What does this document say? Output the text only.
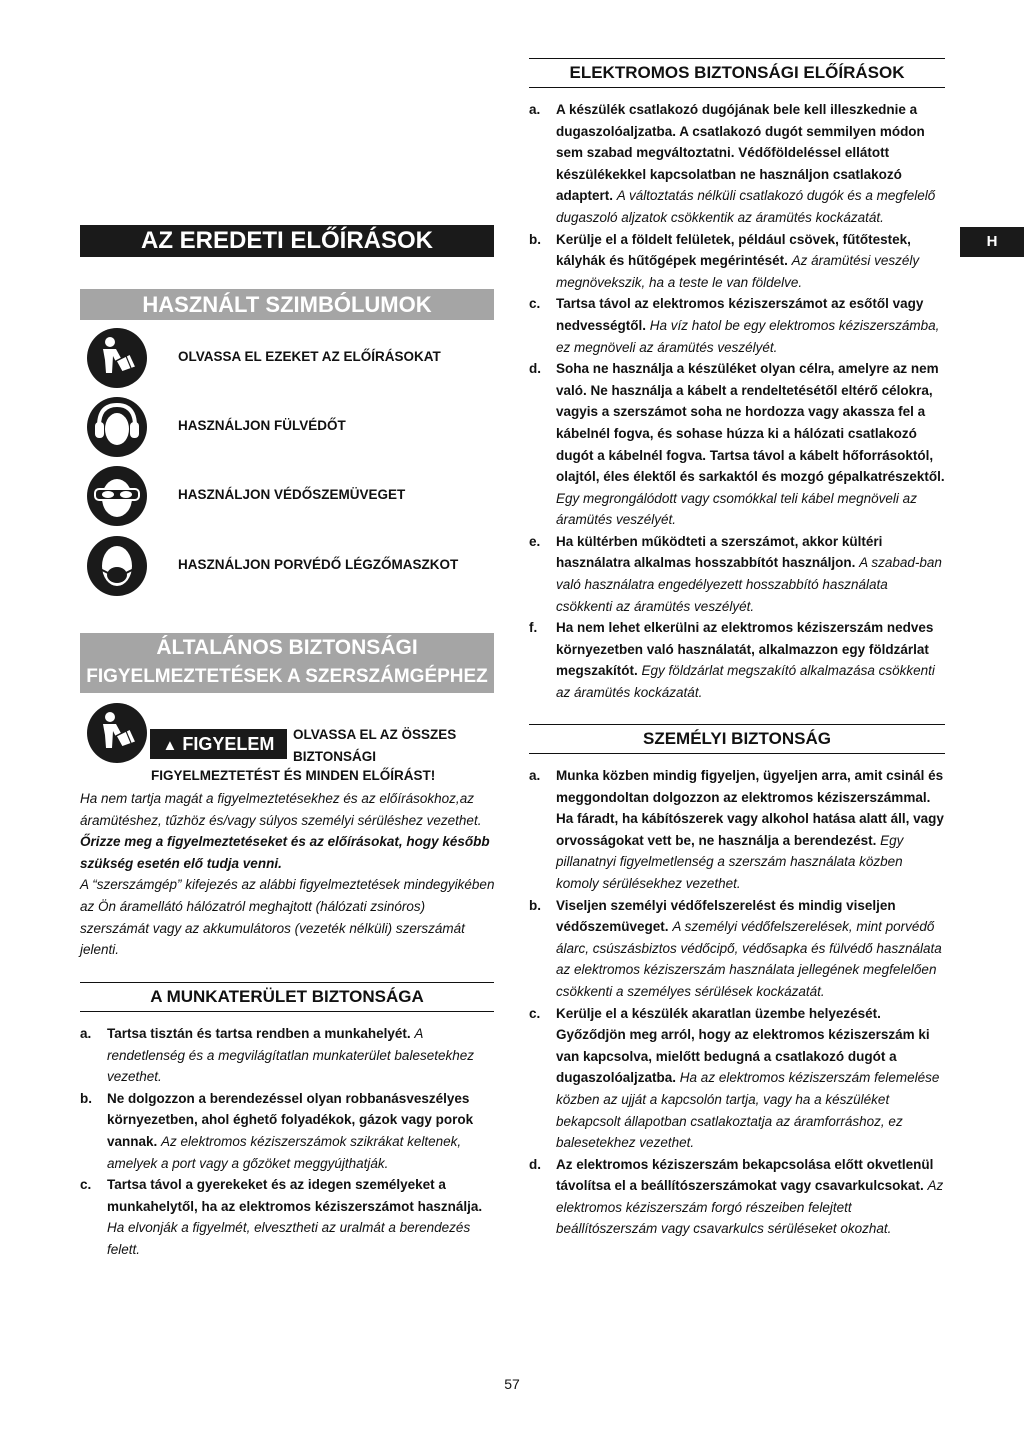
AZ EREDETI ELŐÍRÁSOK FORDÍTÁSA
HASZNÁLT SZIMBÓLUMOK
OLVASSA EL EZEKET AZ ELŐÍRÁSOKAT
HASZNÁLJON FÜLVÉDŐT
HASZNÁLJON VÉDŐSZEMÜVEGET
HASZNÁLJON PORVÉDŐ LÉGZŐMASZKOT
ÁLTALÁNOS BIZTONSÁGI
FIGYELMEZTETÉSEK A SZERSZÁMGÉPHEZ
▲ FIGYELEM	OLVASSA EL AZ ÖSSZES
BIZTONSÁGI
FIGYELMEZTETÉST ÉS MINDEN ELŐÍRÁST!

Ha nem tartja magát a figyelmeztetésekhez és az előírásokhoz,az áramütéshez, tűzhöz és/vagy súlyos személyi sérüléshez vezethet.

Őrizze meg a figyelmeztetéseket és az előírásokat, hogy később szükség esetén elő tudja venni.

A “szerszámgép” kifejezés az alábbi figyelmeztetések mindegyikében az Ön áramellátó hálózatról meghajtott (hálózati zsinóros) szerszámát vagy az akkumulátoros (vezeték nélküli) szerszámát jelenti.

A MUNKATERÜLET BIZTONSÁGA

a. Tartsa tisztán és tartsa rendben a munkahelyét. A rendetlenség és a megvilágítatlan munkaterület balesetekhez vezethet.

b. Ne dolgozzon a berendezéssel olyan robbanásveszélyes környezetben, ahol éghető folyadékok, gázok vagy porok vannak. Az elektromos kéziszerszámok szikrákat keltenek, amelyek a port vagy a gőzöket meggyújthatják.

c. Tartsa távol a gyerekeket és az idegen személyeket a munkahelytől, ha az elektromos kéziszerszámot használja. Ha elvonják a figyelmét, elvesztheti az uralmát a berendezés felett.

ELEKTROMOS BIZTONSÁGI ELŐÍRÁSOK

a. A készülék csatlakozó dugójának bele kell illeszkednie a dugaszolóaljzatba. A csatlakozó dugót semmilyen módon sem szabad megváltoztatni. Védőföldeléssel ellátott készülékekkel kapcsolatban ne használjon csatlakozó adaptert. A változtatás nélküli csatlakozó dugók és a megfelelő dugaszoló aljzatok csökkentik az áramütés kockázatát.

b. Kerülje el a földelt felületek, például csövek, fűtőtestek, kályhák és hűtőgépek megérintését. Az áramütési veszély megnövekszik, ha a teste le van földelve.

c. Tartsa távol az elektromos kéziszerszámot az esőtől vagy nedvességtől. Ha víz hatol be egy elektromos kéziszerszámba, ez megnöveli az áramütés veszélyét.

d. Soha ne használja a készüléket olyan célra, amelyre az nem való. Ne használja a kábelt a rendeltetésétől eltérő célokra, vagyis a szerszámot soha ne hordozza vagy akassza fel a kábelnél fogva, és sohase húzza ki a hálózati csatlakozó dugót a kábelnél fogva. Tartsa távol a kábelt hőforrásoktól, olajtól, éles élektől és sarkaktól és mozgó gépalkatrészektől. Egy megrongálódott vagy csomókkal teli kábel megnöveli az áramütés veszélyét.

e. Ha kültérben működteti a szerszámot, akkor kültéri használatra alkalmas hosszabbítót használjon. A szabad-ban való használatra engedélyezett hosszabbító használata csökkenti az áramütés veszélyét.

f. Ha nem lehet elkerülni az elektromos kéziszerszám nedves környezetben való használatát, alkalmazzon egy földzárlat megszakítót. Egy földzárlat megszakító alkalmazása csökkenti az áramütés kockázatát.

SZEMÉLYI BIZTONSÁG

a. Munka közben mindig figyeljen, ügyeljen arra, amit csinál és meggondoltan dolgozzon az elektromos kéziszerszámmal. Ha fáradt, ha kábítószerek vagy alkohol hatása alatt áll, vagy orvosságokat vett be, ne használja a berendezést. Egy pillanatnyi figyelmetlenség a szerszám használata közben komoly sérülésekhez vezethet.

b. Viseljen személyi védőfelszerelést és mindig viseljen védőszemüveget. A személyi védőfelszerelések, mint porvédő álarc, csúszásbiztos védőcipő, védősapka és fülvédő használata az elektromos kéziszerszám használata jellegének megfelelően csökkenti a személyes sérülések kockázatát.

c. Kerülje el a készülék akaratlan üzembe helyezését. Győződjön meg arról, hogy az elektromos kéziszerszám ki van kapcsolva, mielőtt bedugná a csatlakozó dugót a dugaszolóaljzatba. Ha az elektromos kéziszerszám felemelése közben az ujját a kapcsolón tartja, vagy ha a készüléket bekapcsolt állapotban csatlakoztatja az áramforráshoz, ez balesetekhez vezethet.

d. Az elektromos kéziszerszám bekapcsolása előtt okvetlenül távolítsa el a beállítószerszámokat vagy csavarkulcsokat. Az elektromos kéziszerszám forgó részeiben felejtett beállítószerszám vagy csavarkulcs sérüléseket okozhat.

H
57
